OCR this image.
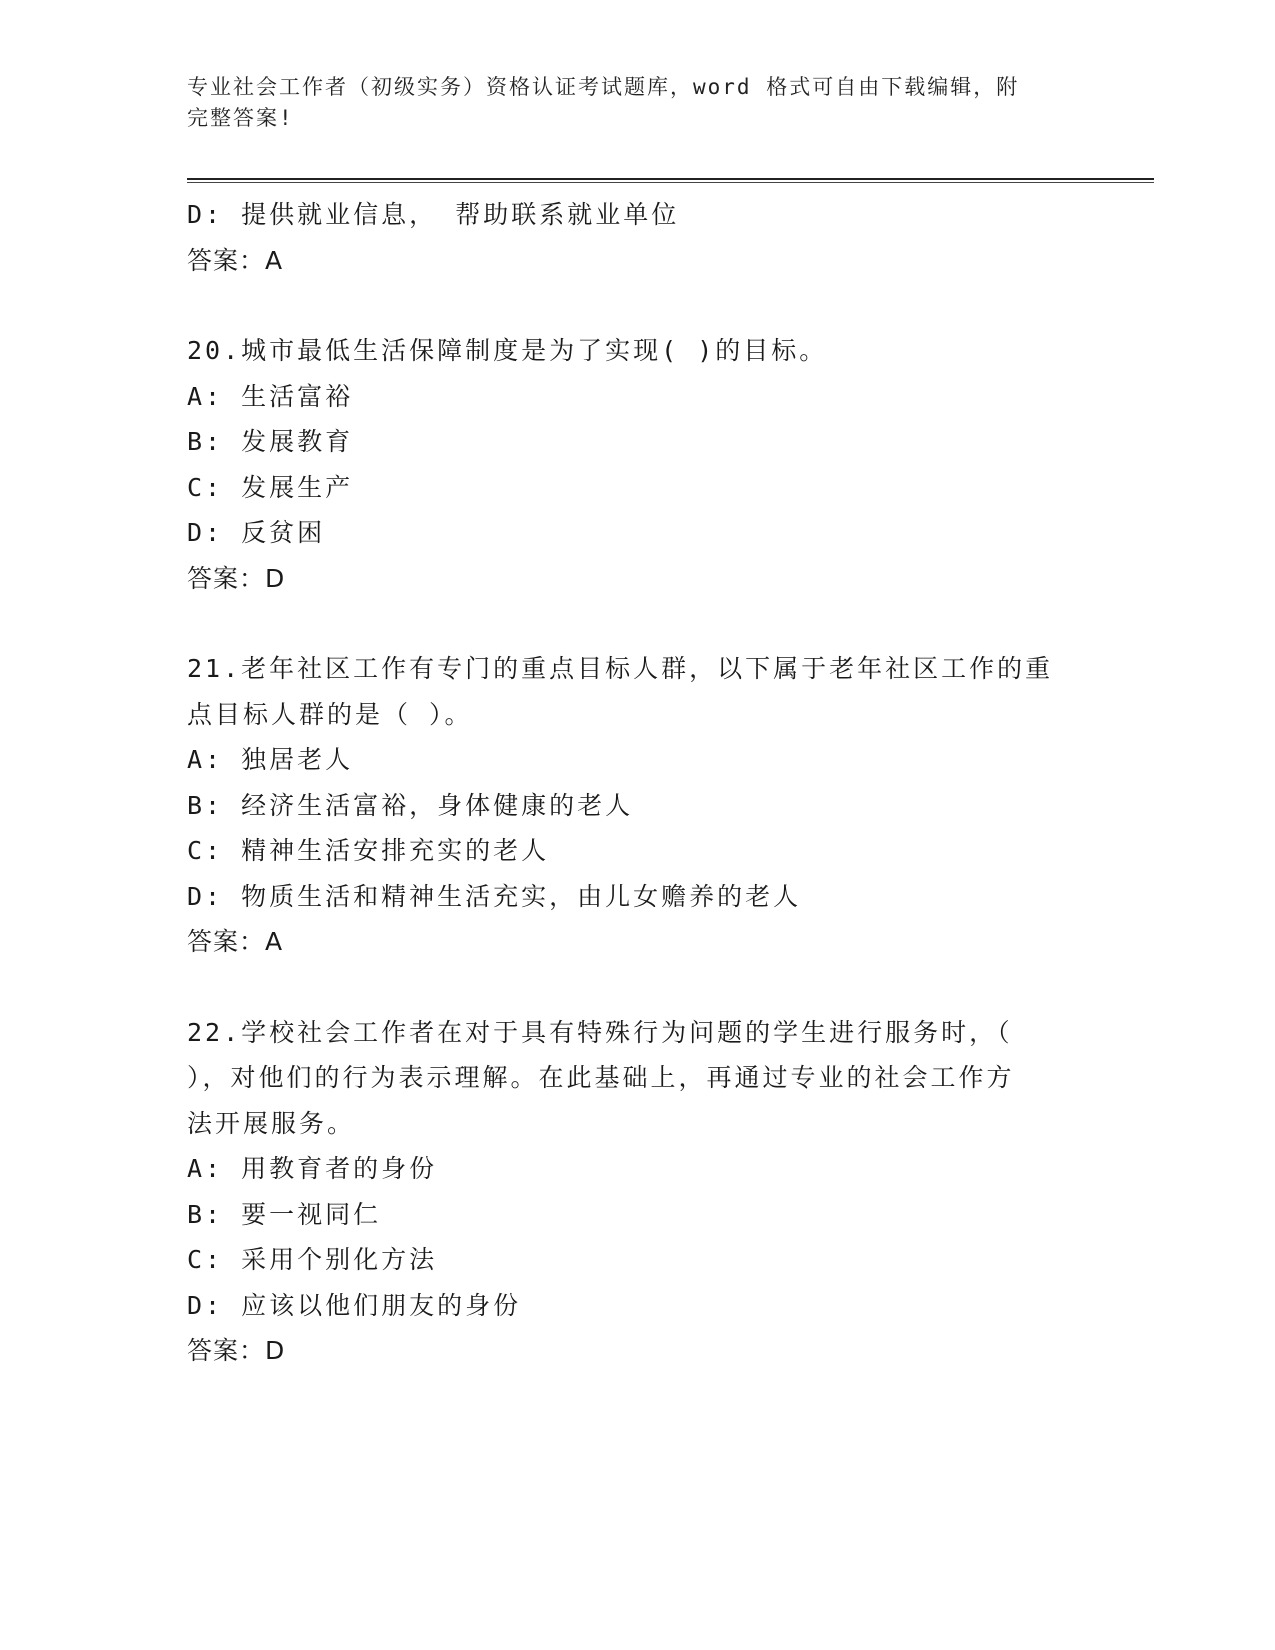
专业社会工作者（初级实务）资格认证考试题库，word 格式可自由下载编辑，附
完整答案!
D: 提供就业信息， 帮助联系就业单位
答案：A
20.城市最低生活保障制度是为了实现( )的目标。
A: 生活富裕
B: 发展教育
C: 发展生产
D: 反贫困
答案：D
21.老年社区工作有专门的重点目标人群，以下属于老年社区工作的重
点目标人群的是（ ）。
A: 独居老人
B: 经济生活富裕，身体健康的老人
C: 精神生活安排充实的老人
D: 物质生活和精神生活充实，由儿女赡养的老人
答案：A
22.学校社会工作者在对于具有特殊行为问题的学生进行服务时，（
），对他们的行为表示理解。在此基础上，再通过专业的社会工作方
法开展服务。
A: 用教育者的身份
B: 要一视同仁
C: 采用个别化方法
D: 应该以他们朋友的身份
答案：D
